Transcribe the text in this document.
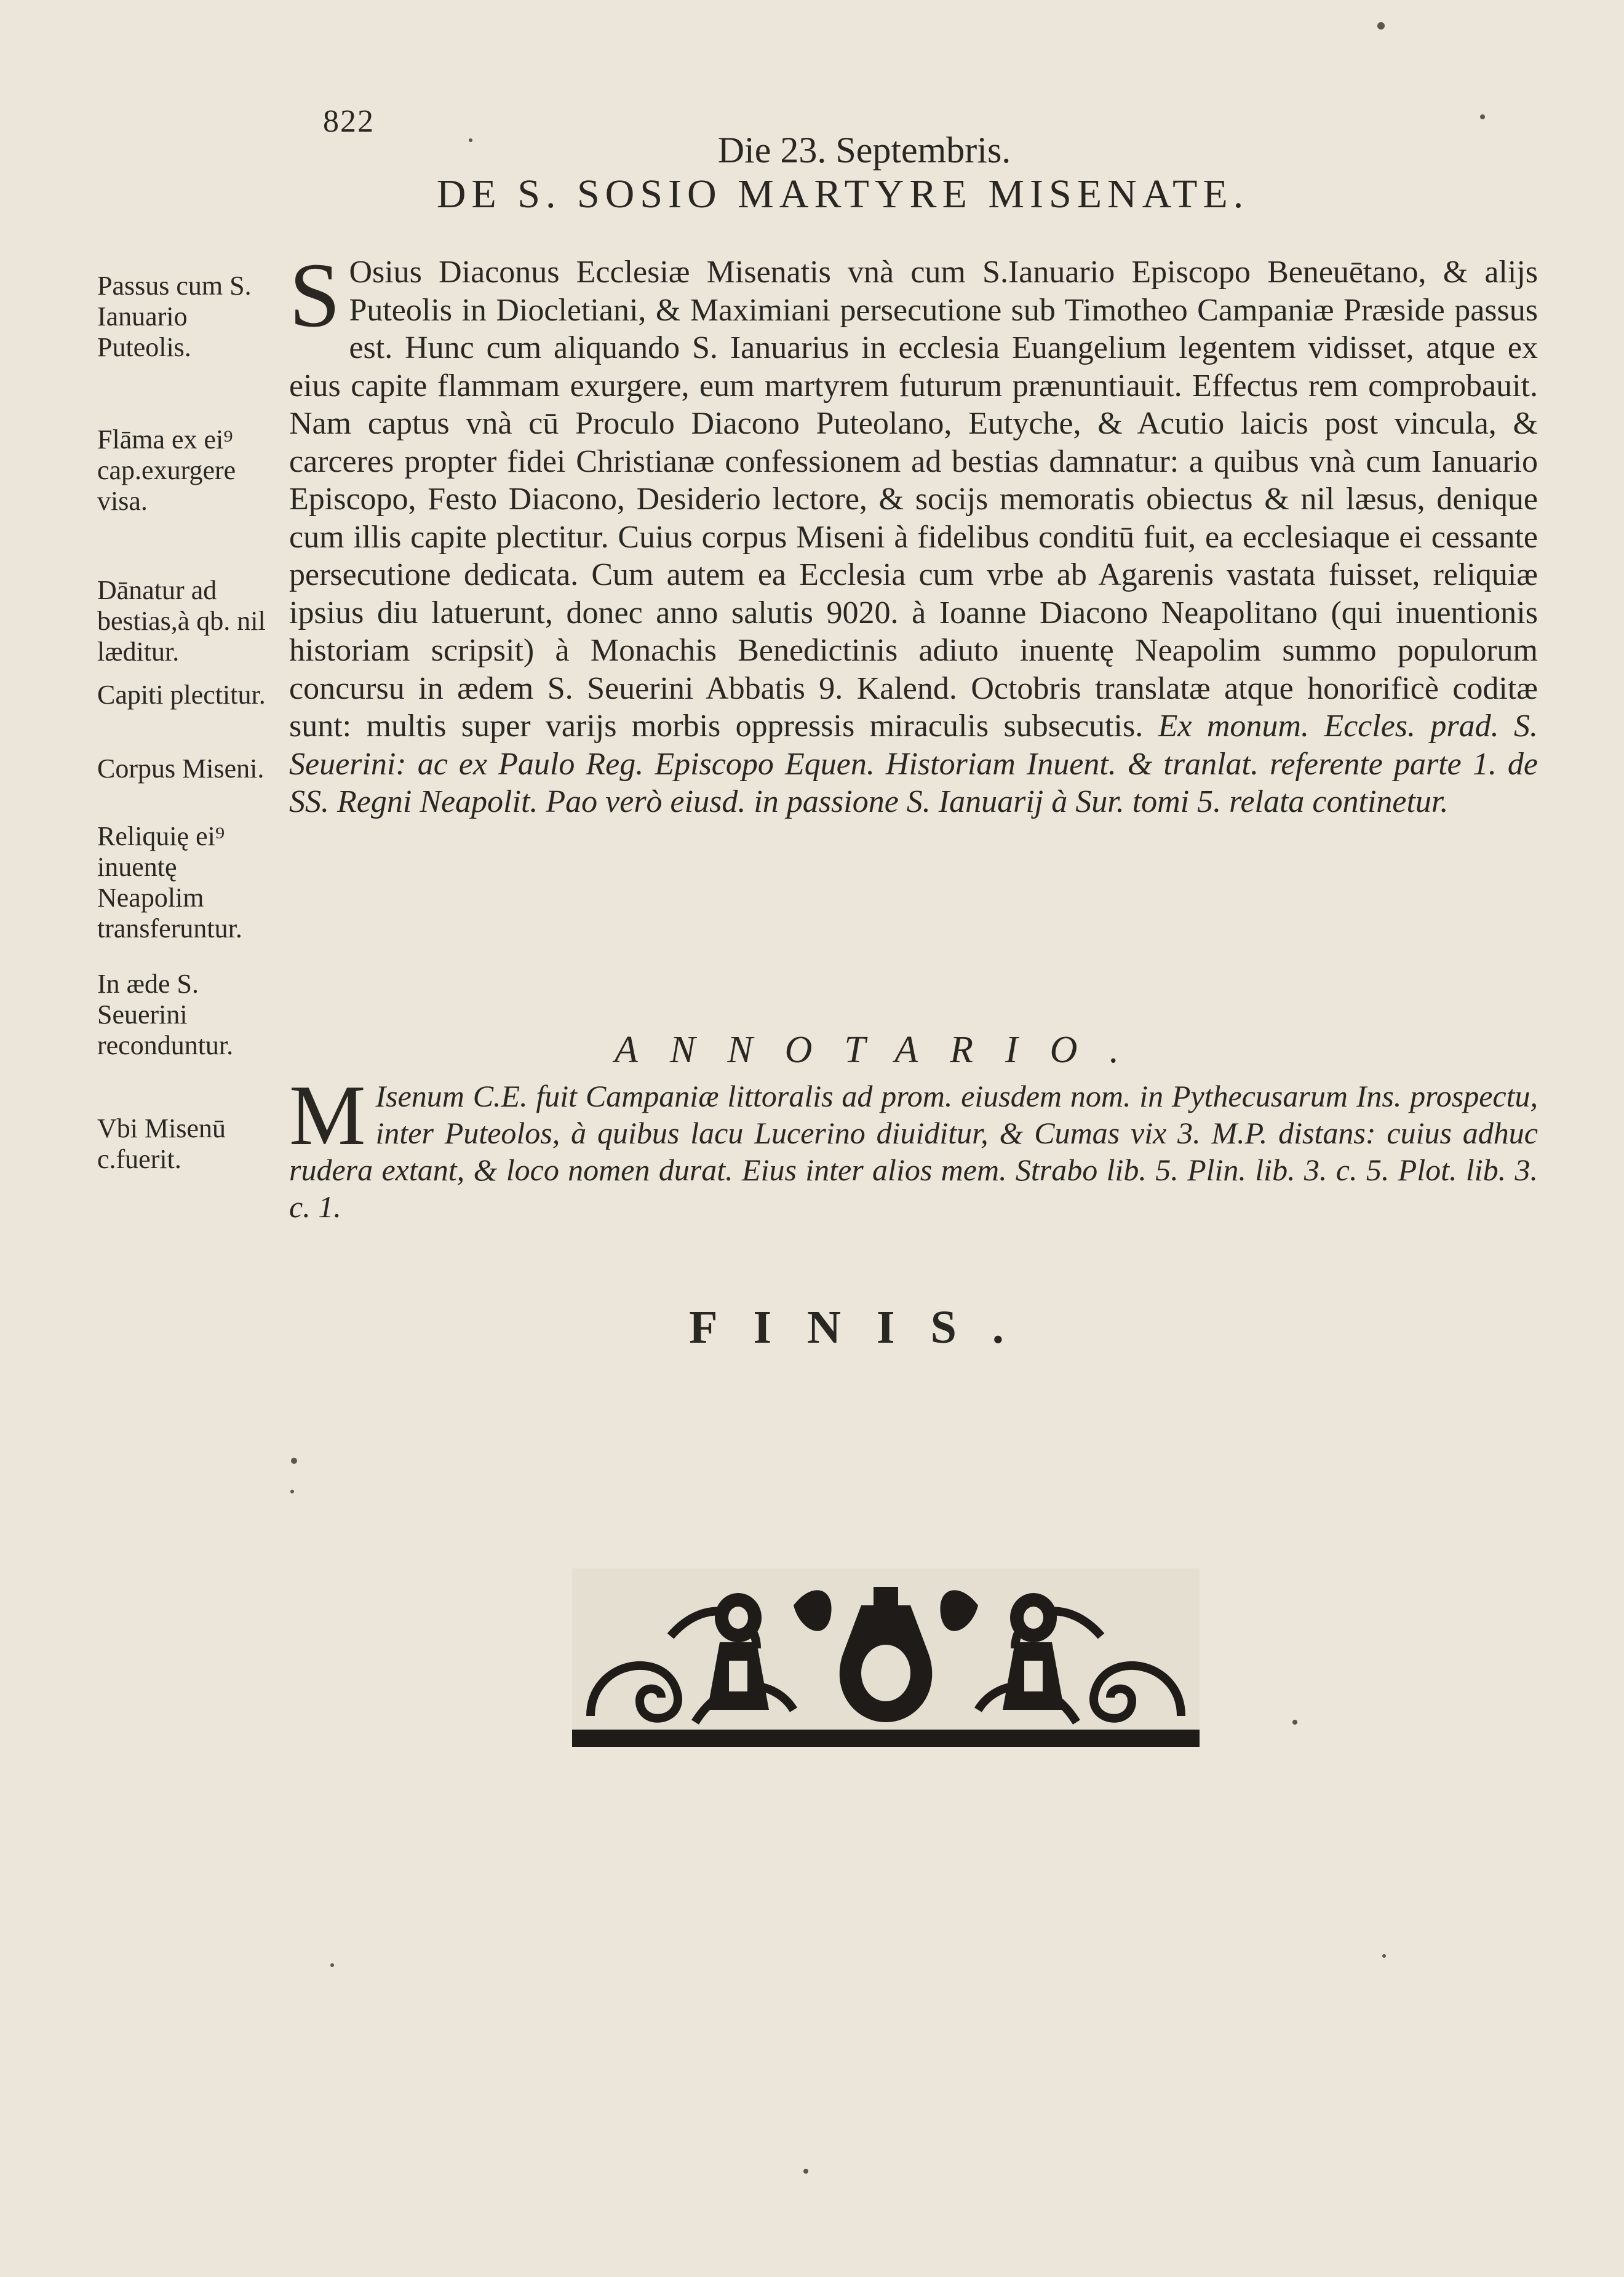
822
Die 23. Septembris.
DE S. SOSIO MARTYRE MISENATE.
Passus cum S. Ianuario Puteolis.
Flāma ex ei⁹ cap.exurgere visa.
Dānatur ad bestias,à qb. nil læditur.
Capiti plectitur.
Corpus Miseni.
Reliquię ei⁹ inuentę Neapolim transferuntur.
In æde S. Seuerini reconduntur.
Vbi Misenū c.fuerit.
S Osius Diaconus Ecclesiæ Misenatis vnà cum S.Ianuario Episcopo Beneuētano, & alijs Puteolis in Diocletiani, & Maximiani persecutione sub Timotheo Campaniæ Præside passus est. Hunc cum aliquando S. Ianuarius in ecclesia Euangelium legentem vidisset, atque ex eius capite flammam exurgere, eum martyrem futurum prænuntiauit. Effectus rem comprobauit. Nam captus vnà cū Proculo Diacono Puteolano, Eutyche, & Acutio laicis post vincula, & carceres propter fidei Christianæ confessionem ad bestias damnatur: a quibus vnà cum Ianuario Episcopo, Festo Diacono, Desiderio lectore, & socijs memoratis obiectus & nil læsus, denique cum illis capite plectitur. Cuius corpus Miseni à fidelibus conditū fuit, ea ecclesiaque ei cessante persecutione dedicata. Cum autem ea Ecclesia cum vrbe ab Agarenis vastata fuisset, reliquiæ ipsius diu latuerunt, donec anno salutis 9020. à Ioanne Diacono Neapolitano (qui inuentionis historiam scripsit) à Monachis Benedictinis adiuto inuentę Neapolim summo populorum concursu in ædem S. Seuerini Abbatis 9. Kalend. Octobris translatæ atque honorificè coditæ sunt: multis super varijs morbis oppressis miraculis subsecutis. Ex monum. Eccles. prad. S. Seuerini: ac ex Paulo Reg. Episcopo Equen. Historiam Inuent. & tranlat. referente parte 1. de SS. Regni Neapolit. Pao verò eiusd. in passione S. Ianuarij à Sur. tomi 5. relata continetur.
ANNOTARIO.
M Isenum C.E. fuit Campaniæ littoralis ad prom. eiusdem nom. in Pythecusarum Ins. prospectu, inter Puteolos, à quibus lacu Lucerino diuiditur, & Cumas vix 3. M.P. distans: cuius adhuc rudera extant, & loco nomen durat. Eius inter alios mem. Strabo lib. 5. Plin. lib. 3. c. 5. Plot. lib. 3. c. 1.
FINIS.
